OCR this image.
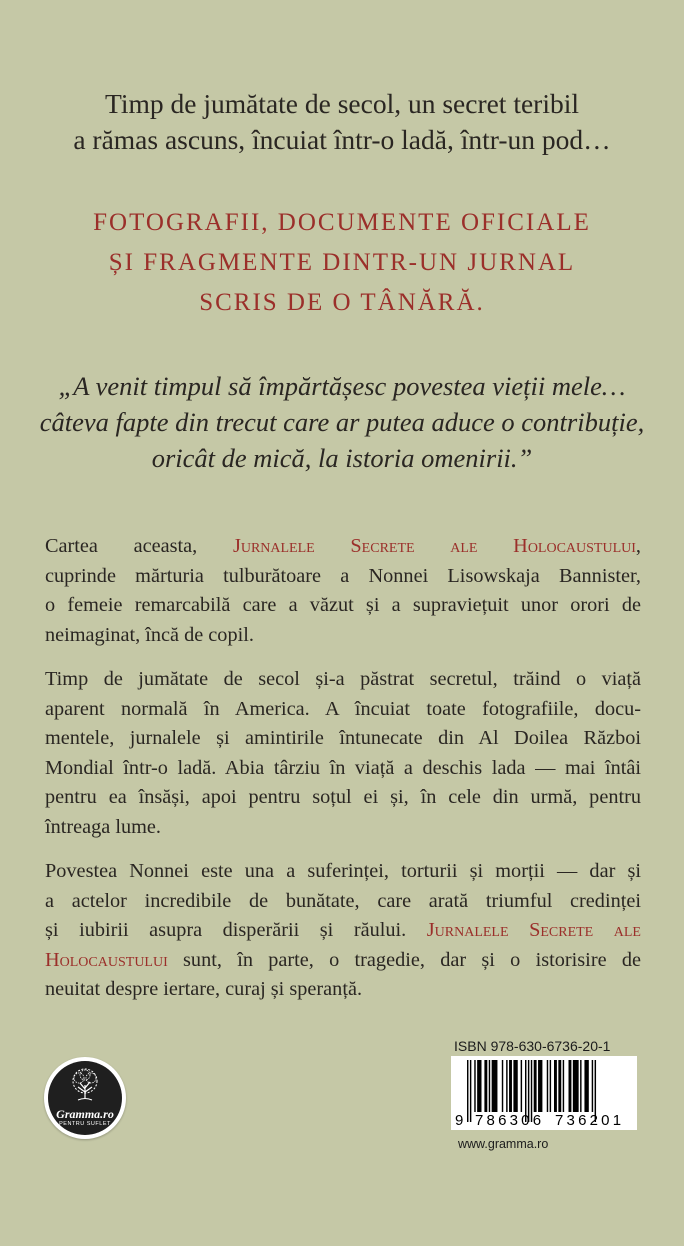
Timp de jumătate de secol, un secret teribil
a rămas ascuns, încuiat într-o ladă, într-un pod…
FOTOGRAFII, DOCUMENTE OFICIALE
ȘI FRAGMENTE DINTR-UN JURNAL
SCRIS DE O TÂNĂRĂ.
„A venit timpul să împărtășesc povestea vieții mele…
câteva fapte din trecut care ar putea aduce o contribuție,
oricât de mică, la istoria omenirii.”

Cartea aceasta, Jurnalele Secrete ale Holocaustului,
cuprinde mărturia tulburătoare a Nonnei Lisowskaja Bannister,
o femeie remarcabilă care a văzut și a supraviețuit unor orori de
neimaginat, încă de copil.

Timp de jumătate de secol și-a păstrat secretul, trăind o viață
aparent normală în America. A încuiat toate fotografiile, docu-
mentele, jurnalele și amintirile întunecate din Al Doilea Război
Mondial într-o ladă. Abia târziu în viață a deschis lada — mai întâi
pentru ea însăși, apoi pentru soțul ei și, în cele din urmă, pentru
întreaga lume.

Povestea Nonnei este una a suferinței, torturii și morții — dar și
a actelor incredibile de bunătate, care arată triumful credinței
și iubirii asupra disperării și răului. Jurnalele Secrete ale
Holocaustului sunt, în parte, o tragedie, dar și o istorisire de
neuitat despre iertare, curaj și speranță.

Gramma.ro
PENTRU SUFLET
ISBN 978-630-6736-20-1
9 786306 736201
www.gramma.ro
